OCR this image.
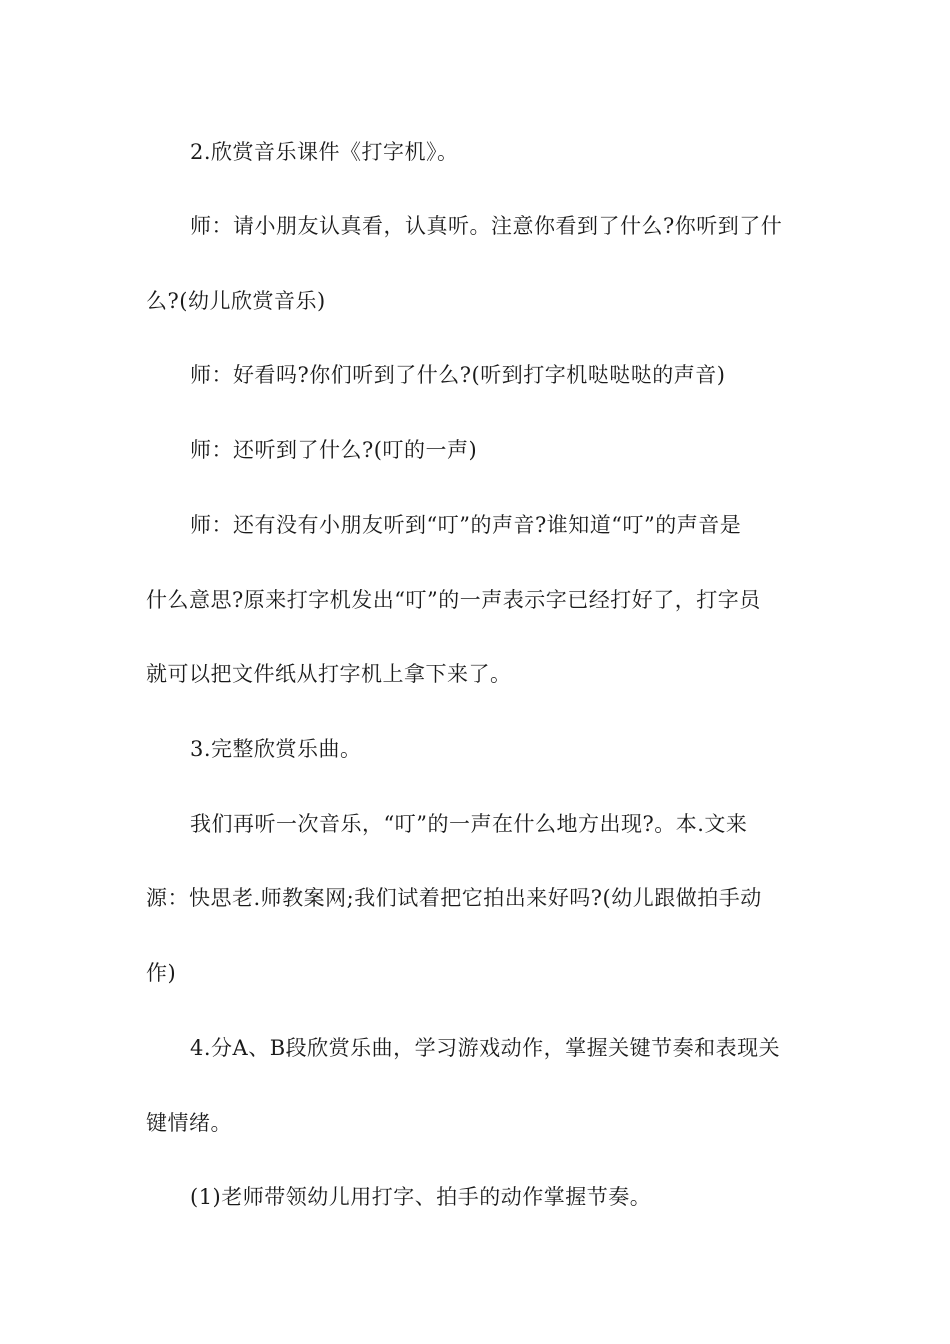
2.欣赏音乐课件《打字机》。
师：请小朋友认真看，认真听。注意你看到了什么?你听到了什
么?(幼儿欣赏音乐)
师：好看吗?你们听到了什么?(听到打字机哒哒哒的声音)
师：还听到了什么?(叮的一声)
师：还有没有小朋友听到“叮”的声音?谁知道“叮”的声音是
什么意思?原来打字机发出“叮”的一声表示字已经打好了，打字员
就可以把文件纸从打字机上拿下来了。
3.完整欣赏乐曲。
我们再听一次音乐，“叮”的一声在什么地方出现?。本.文来
源：快思老.师教案网;我们试着把它拍出来好吗?(幼儿跟做拍手动
作)
4.分A、B段欣赏乐曲，学习游戏动作，掌握关键节奏和表现关
键情绪。
(1)老师带领幼儿用打字、拍手的动作掌握节奏。
